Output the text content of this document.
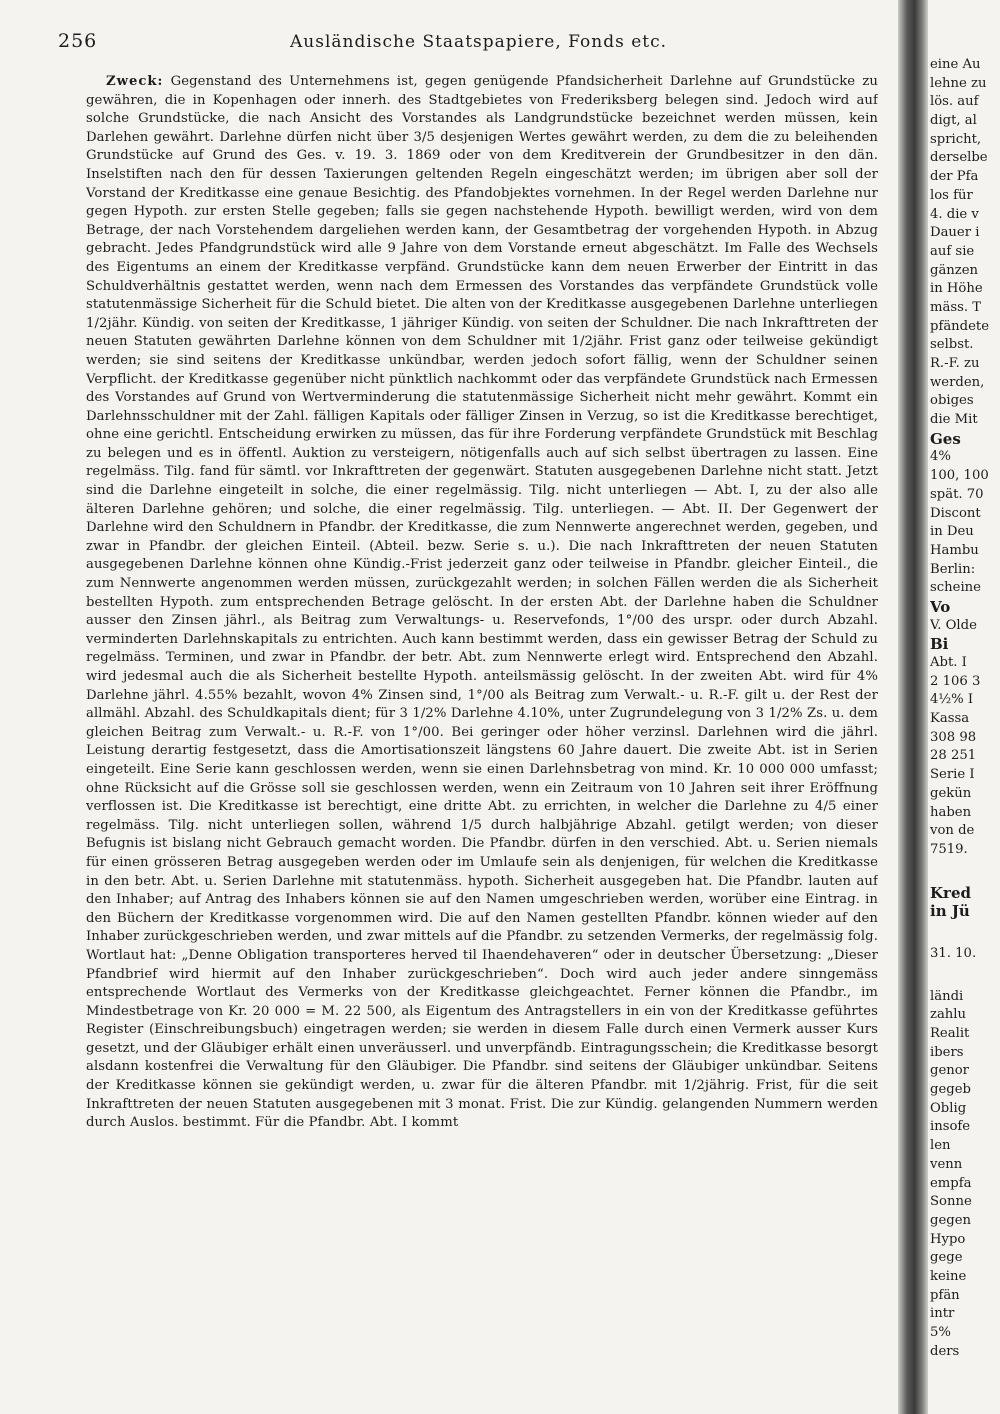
256	Ausländische Staatspapiere, Fonds etc.

Zweck: Gegenstand des Unternehmens ist, gegen genügende Pfandsicherheit Darlehne auf Grundstücke zu gewähren, die in Kopenhagen oder innerh. des Stadtgebietes von Frederiksberg belegen sind. Jedoch wird auf solche Grundstücke, die nach Ansicht des Vorstandes als Landgrundstücke bezeichnet werden müssen, kein Darlehen gewährt. Darlehne dürfen nicht über 3/5 desjenigen Wertes gewährt werden, zu dem die zu beleihenden Grundstücke auf Grund des Ges. v. 19. 3. 1869 oder von dem Kreditverein der Grundbesitzer in den dän. Inselstiften nach den für dessen Taxierungen geltenden Regeln eingeschätzt werden; im übrigen aber soll der Vorstand der Kreditkasse eine genaue Besichtig. des Pfandobjektes vornehmen. In der Regel werden Darlehne nur gegen Hypoth. zur ersten Stelle gegeben; falls sie gegen nachstehende Hypoth. bewilligt werden, wird von dem Betrage, der nach Vorstehendem dargeliehen werden kann, der Gesamtbetrag der vorgehenden Hypoth. in Abzug gebracht. Jedes Pfandgrundstück wird alle 9 Jahre von dem Vorstande erneut abgeschätzt. Im Falle des Wechsels des Eigentums an einem der Kreditkasse verpfänd. Grundstücke kann dem neuen Erwerber der Eintritt in das Schuldverhältnis gestattet werden, wenn nach dem Ermessen des Vorstandes das verpfändete Grundstück volle statutenmässige Sicherheit für die Schuld bietet. Die alten von der Kreditkasse ausgegebenen Darlehne unterliegen 1/2jähr. Kündig. von seiten der Kreditkasse, 1 jähriger Kündig. von seiten der Schuldner. Die nach Inkrafttreten der neuen Statuten gewährten Darlehne können von dem Schuldner mit 1/2jähr. Frist ganz oder teilweise gekündigt werden; sie sind seitens der Kreditkasse unkündbar, werden jedoch sofort fällig, wenn der Schuldner seinen Verpflicht. der Kreditkasse gegenüber nicht pünktlich nachkommt oder das verpfändete Grundstück nach Ermessen des Vorstandes auf Grund von Wertverminderung die statutenmässige Sicherheit nicht mehr gewährt. Kommt ein Darlehnsschuldner mit der Zahl. fälligen Kapitals oder fälliger Zinsen in Verzug, so ist die Kreditkasse berechtiget, ohne eine gerichtl. Entscheidung erwirken zu müssen, das für ihre Forderung verpfändete Grundstück mit Beschlag zu belegen und es in öffentl. Auktion zu versteigern, nötigenfalls auch auf sich selbst übertragen zu lassen. Eine regelmäss. Tilg. fand für sämtl. vor Inkrafttreten der gegenwärt. Statuten ausgegebenen Darlehne nicht statt. Jetzt sind die Darlehne eingeteilt in solche, die einer regelmässig. Tilg. nicht unterliegen — Abt. I, zu der also alle älteren Darlehne gehören; und solche, die einer regelmässig. Tilg. unterliegen. — Abt. II. Der Gegenwert der Darlehne wird den Schuldnern in Pfandbr. der Kreditkasse, die zum Nennwerte angerechnet werden, gegeben, und zwar in Pfandbr. der gleichen Einteil. (Abteil. bezw. Serie s. u.). Die nach Inkrafttreten der neuen Statuten ausgegebenen Darlehne können ohne Kündig.-Frist jederzeit ganz oder teilweise in Pfandbr. gleicher Einteil., die zum Nennwerte angenommen werden müssen, zurückgezahlt werden; in solchen Fällen werden die als Sicherheit bestellten Hypoth. zum entsprechenden Betrage gelöscht. In der ersten Abt. der Darlehne haben die Schuldner ausser den Zinsen jährl., als Beitrag zum Verwaltungs- u. Reservefonds, 1°/00 des urspr. oder durch Abzahl. verminderten Darlehnskapitals zu entrichten. Auch kann bestimmt werden, dass ein gewisser Betrag der Schuld zu regelmäss. Terminen, und zwar in Pfandbr. der betr. Abt. zum Nennwerte erlegt wird. Entsprechend den Abzahl. wird jedesmal auch die als Sicherheit bestellte Hypoth. anteilsmässig gelöscht. In der zweiten Abt. wird für 4% Darlehne jährl. 4.55% bezahlt, wovon 4% Zinsen sind, 1°/00 als Beitrag zum Verwalt.- u. R.-F. gilt u. der Rest der allmähl. Abzahl. des Schuldkapitals dient; für 3 1/2% Darlehne 4.10%, unter Zugrundelegung von 3 1/2% Zs. u. dem gleichen Beitrag zum Verwalt.- u. R.-F. von 1°/00. Bei geringer oder höher verzinsl. Darlehnen wird die jährl. Leistung derartig festgesetzt, dass die Amortisationszeit längstens 60 Jahre dauert. Die zweite Abt. ist in Serien eingeteilt. Eine Serie kann geschlossen werden, wenn sie einen Darlehnsbetrag von mind. Kr. 10 000 000 umfasst; ohne Rücksicht auf die Grösse soll sie geschlossen werden, wenn ein Zeitraum von 10 Jahren seit ihrer Eröffnung verflossen ist. Die Kreditkasse ist berechtigt, eine dritte Abt. zu errichten, in welcher die Darlehne zu 4/5 einer regelmäss. Tilg. nicht unterliegen sollen, während 1/5 durch halbjährige Abzahl. getilgt werden; von dieser Befugnis ist bislang nicht Gebrauch gemacht worden. Die Pfandbr. dürfen in den verschied. Abt. u. Serien niemals für einen grösseren Betrag ausgegeben werden oder im Umlaufe sein als denjenigen, für welchen die Kreditkasse in den betr. Abt. u. Serien Darlehne mit statutenmäss. hypoth. Sicherheit ausgegeben hat. Die Pfandbr. lauten auf den Inhaber; auf Antrag des Inhabers können sie auf den Namen umgeschrieben werden, worüber eine Eintrag. in den Büchern der Kreditkasse vorgenommen wird. Die auf den Namen gestellten Pfandbr. können wieder auf den Inhaber zurückgeschrieben werden, und zwar mittels auf die Pfandbr. zu setzenden Vermerks, der regelmässig folg. Wortlaut hat: „Denne Obligation transporteres herved til Ihaendehaveren“ oder in deutscher Übersetzung: „Dieser Pfandbrief wird hiermit auf den Inhaber zurückgeschrieben“. Doch wird auch jeder andere sinngemäss entsprechende Wortlaut des Vermerks von der Kreditkasse gleichgeachtet. Ferner können die Pfandbr., im Mindestbetrage von Kr. 20 000 = M. 22 500, als Eigentum des Antragstellers in ein von der Kreditkasse geführtes Register (Einschreibungsbuch) eingetragen werden; sie werden in diesem Falle durch einen Vermerk ausser Kurs gesetzt, und der Gläubiger erhält einen unveräusserl. und unverpfändb. Eintragungsschein; die Kreditkasse besorgt alsdann kostenfrei die Verwaltung für den Gläubiger. Die Pfandbr. sind seitens der Gläubiger unkündbar. Seitens der Kreditkasse können sie gekündigt werden, u. zwar für die älteren Pfandbr. mit 1/2jährig. Frist, für die seit Inkrafttreten der neuen Statuten ausgegebenen mit 3 monat. Frist. Die zur Kündig. gelangenden Nummern werden durch Auslos. bestimmt. Für die Pfandbr. Abt. I kommt

eine Au
lehne zu
lös. auf
digt, al
spricht,
derselbe
der Pfa
los für
4. die v
Dauer i
auf sie
gänzen
in Höhe
mäss. T
pfändete
selbst.
R.-F. zu
werden,
obiges
die Mit
Ges
4%
100, 100
spät. 70
Discont
in Deu
Hambu
Berlin:
scheine
Vo
V. Olde
Bi
Abt. I
2 106 3
4½% I
Kassa
308 98
28 251
Serie I
gekün
haben
von de
7519.
Kred
in Jü
31. 10.
ländi
zahlu
Realit
ibers
genor
gegeb
Oblig
insofe
len
venn
empfa
Sonne
gegen
Hypo
gege
keine
pfän
intr
5%
ders
